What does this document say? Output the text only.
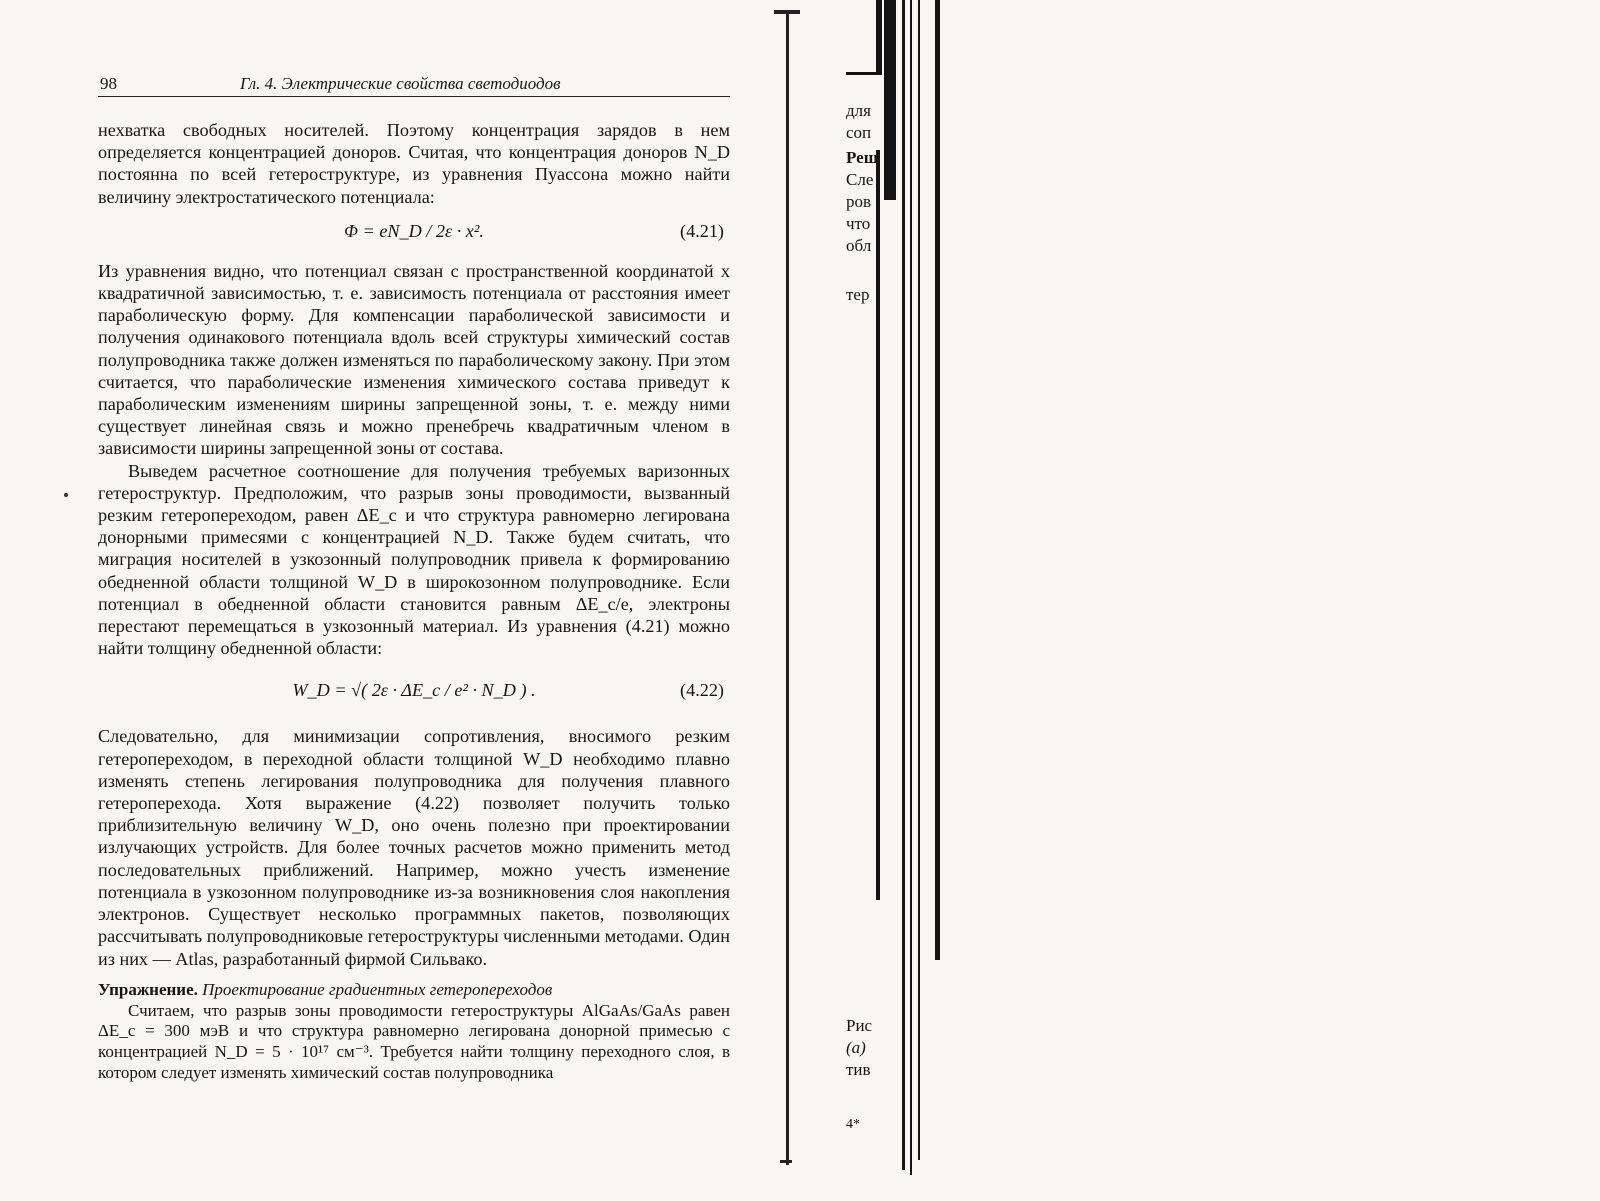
98	Гл. 4. Электрические свойства светодиодов

нехватка свободных носителей. Поэтому концентрация зарядов в нем определяется концентрацией доноров. Считая, что концентрация доноров N_D постоянна по всей гетероструктуре, из уравнения Пуассона можно найти величину электростатического потенциала:

Φ = eN_D / 2ε · x².	(4.21)

Из уравнения видно, что потенциал связан с пространственной координатой x квадратичной зависимостью, т. е. зависимость потенциала от расстояния имеет параболическую форму. Для компенсации параболической зависимости и получения одинакового потенциала вдоль всей структуры химический состав полупроводника также должен изменяться по параболическому закону. При этом считается, что параболические изменения химического состава приведут к параболическим изменениям ширины запрещенной зоны, т. е. между ними существует линейная связь и можно пренебречь квадратичным членом в зависимости ширины запрещенной зоны от состава.

Выведем расчетное соотношение для получения требуемых варизонных гетероструктур. Предположим, что разрыв зоны проводимости, вызванный резким гетеропереходом, равен ΔE_c и что структура равномерно легирована донорными примесями с концентрацией N_D. Также будем считать, что миграция носителей в узкозонный полупроводник привела к формированию обедненной области толщиной W_D в широкозонном полупроводнике. Если потенциал в обедненной области становится равным ΔE_c/e, электроны перестают перемещаться в узкозонный материал. Из уравнения (4.21) можно найти толщину обедненной области:

W_D = √( 2ε · ΔE_c / e² · N_D ) .	(4.22)

Следовательно, для минимизации сопротивления, вносимого резким гетеропереходом, в переходной области толщиной W_D необходимо плавно изменять степень легирования полупроводника для получения плавного гетероперехода. Хотя выражение (4.22) позволяет получить только приблизительную величину W_D, оно очень полезно при проектировании излучающих устройств. Для более точных расчетов можно применить метод последовательных приближений. Например, можно учесть изменение потенциала в узкозонном полупроводнике из-за возникновения слоя накопления электронов. Существует несколько программных пакетов, позволяющих рассчитывать полупроводниковые гетероструктуры численными методами. Один из них — Atlas, разработанный фирмой Сильвако.

Упражнение. Проектирование градиентных гетеропереходов

Считаем, что разрыв зоны проводимости гетероструктуры AlGaAs/GaAs равен ΔE_c = 300 мэВ и что структура равномерно легирована донорной примесью с концентрацией N_D = 5 · 10¹⁷ см⁻³. Требуется найти толщину переходного слоя, в котором следует изменять химический состав полупроводника

для
соп
Реш
Сле
ров
что
обл
тер
Рис
(а)
тив
4*
